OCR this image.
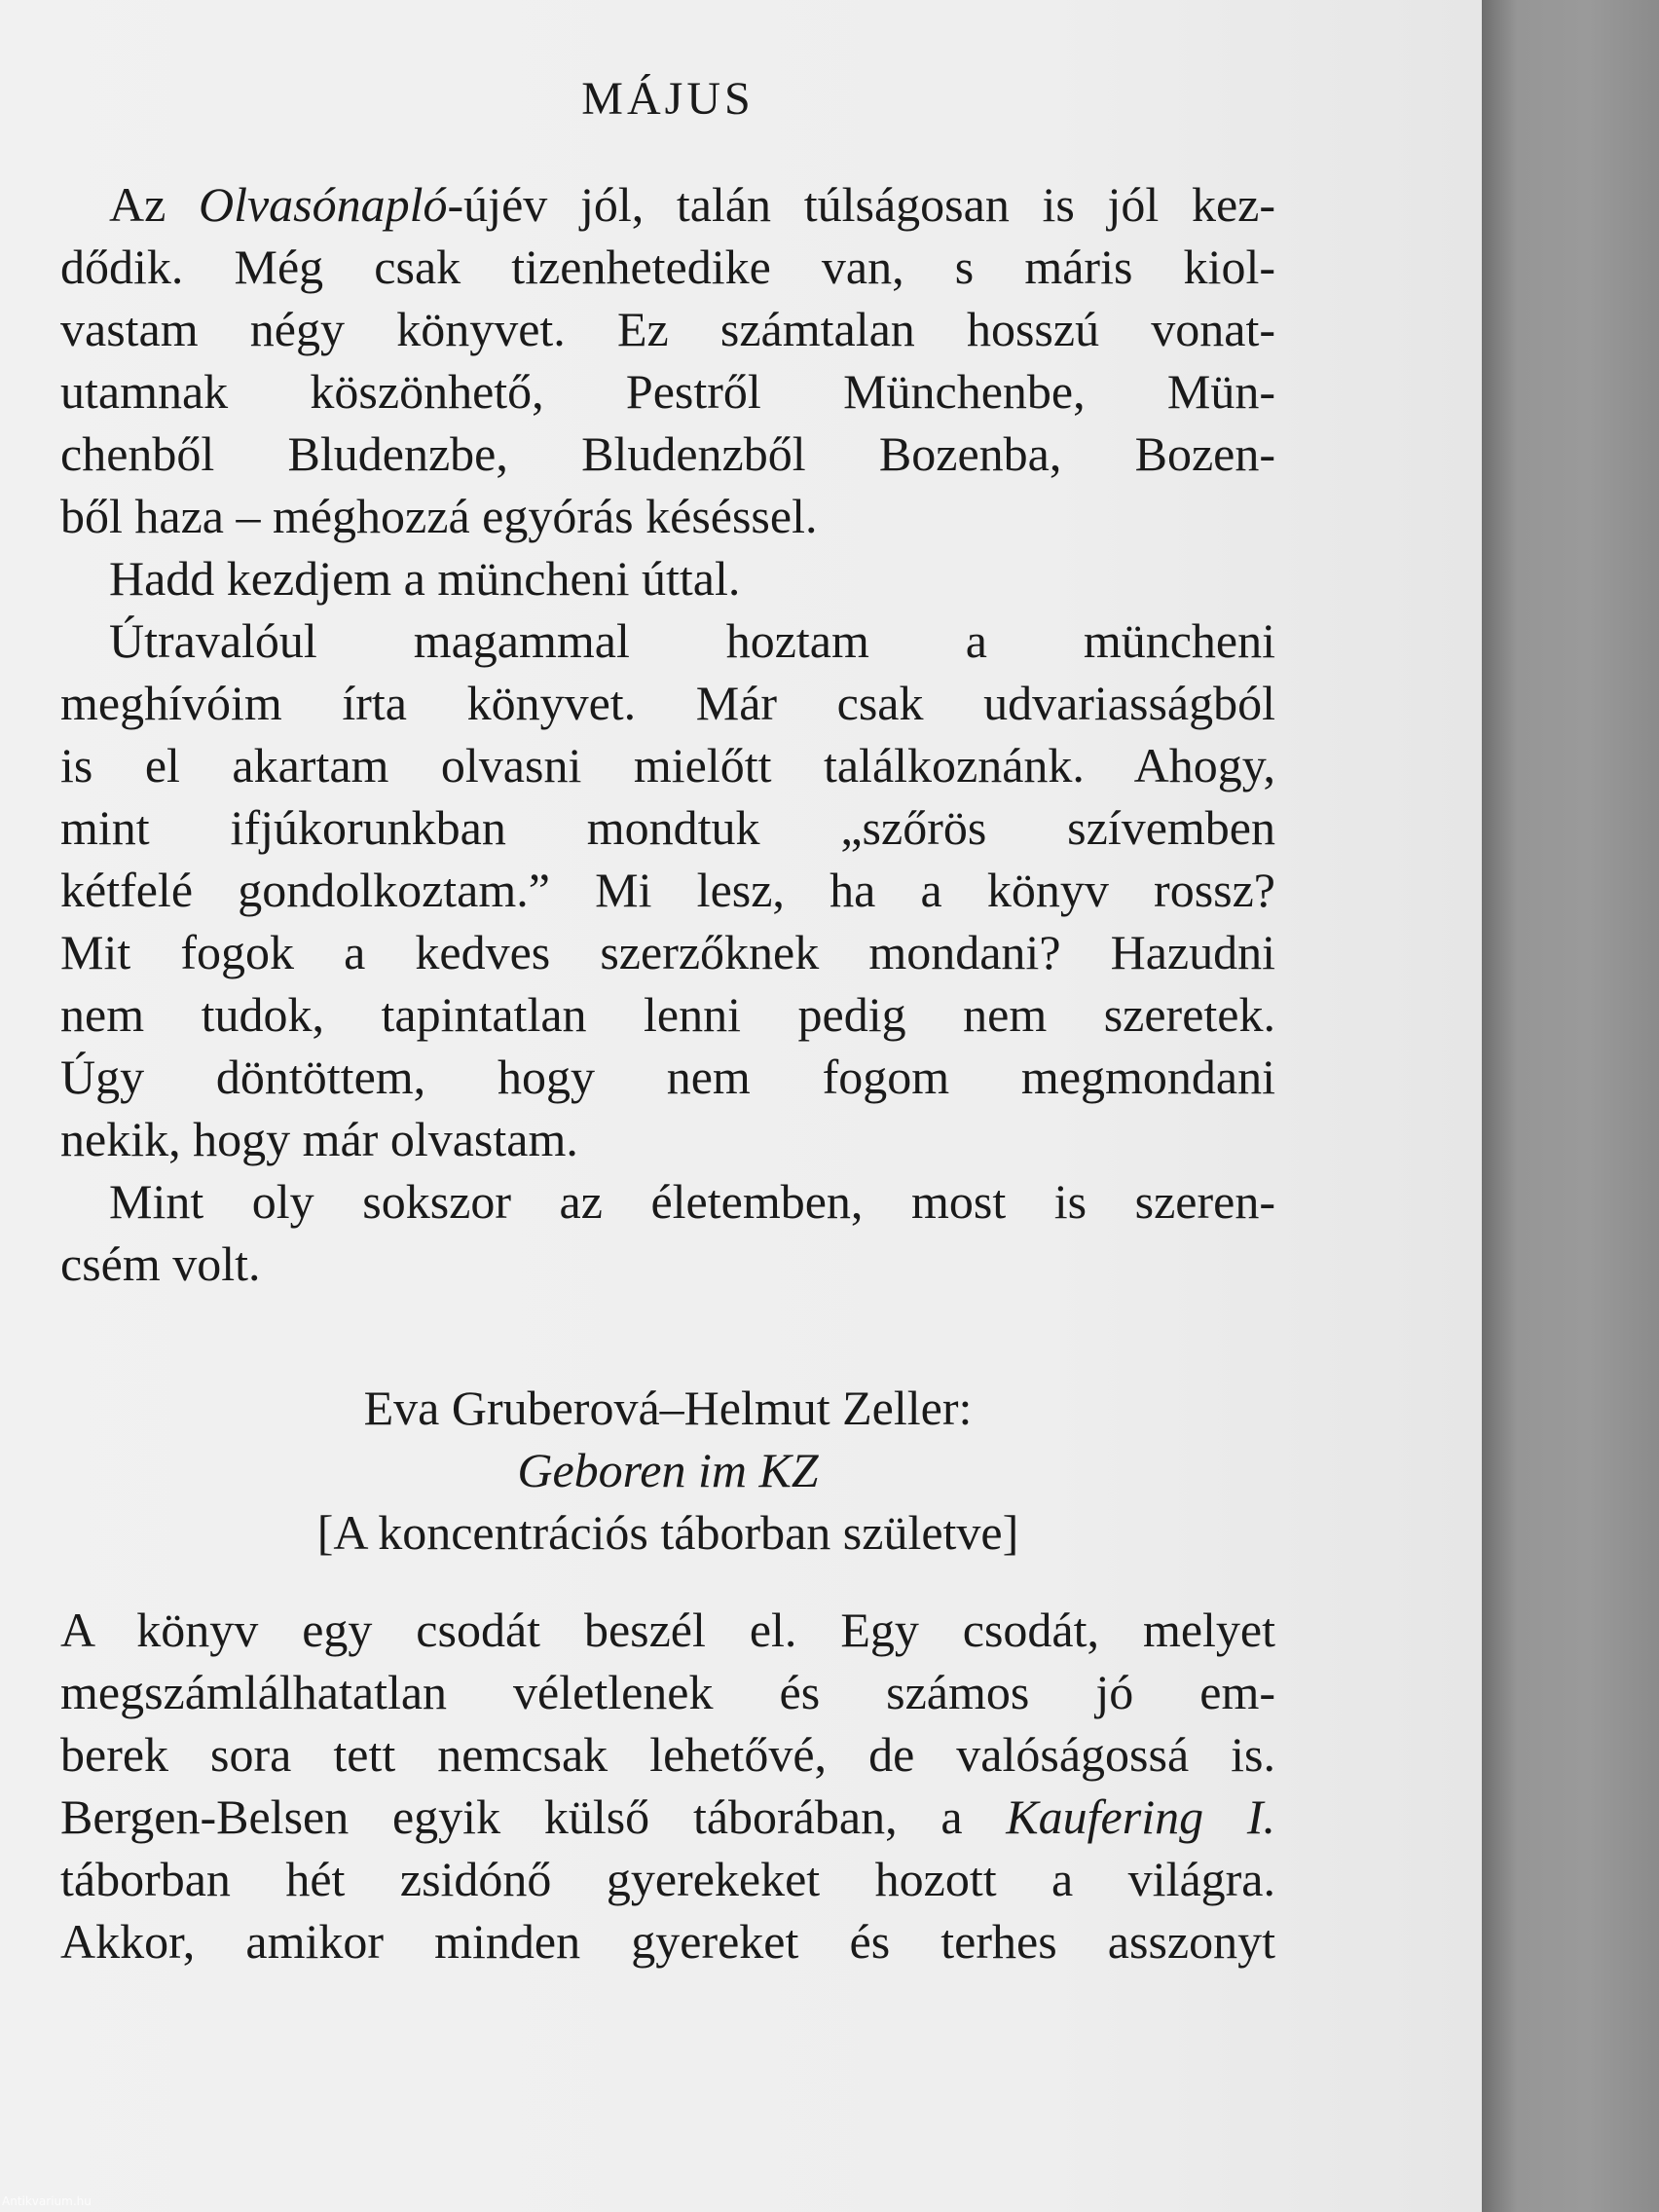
MÁJUS
Az Olvasónapló-újév jól, talán túlságosan is jól kez-
dődik. Még csak tizenhetedike van, s máris kiol-
vastam négy könyvet. Ez számtalan hosszú vonat-
utamnak köszönhető, Pestről Münchenbe, Mün-
chenből Bludenzbe, Bludenzből Bozenba, Bozen-
ből haza – méghozzá egyórás késéssel.
Hadd kezdjem a müncheni úttal.
Útravalóul magammal hoztam a müncheni
meghívóim írta könyvet. Már csak udvariasságból
is el akartam olvasni mielőtt találkoznánk. Ahogy,
mint ifjúkorunkban mondtuk „szőrös szívemben
kétfelé gondolkoztam.” Mi lesz, ha a könyv rossz?
Mit fogok a kedves szerzőknek mondani? Hazudni
nem tudok, tapintatlan lenni pedig nem szeretek.
Úgy döntöttem, hogy nem fogom megmondani
nekik, hogy már olvastam.
Mint oly sokszor az életemben, most is szeren-
csém volt.
Eva Gruberová–Helmut Zeller:
Geboren im KZ
[A koncentrációs táborban születve]
A könyv egy csodát beszél el. Egy csodát, melyet
megszámlálhatatlan véletlenek és számos jó em-
berek sora tett nemcsak lehetővé, de valóságossá is.
Bergen-Belsen egyik külső táborában, a Kaufering I.
táborban hét zsidónő gyerekeket hozott a világra.
Akkor, amikor minden gyereket és terhes asszonyt
Antikvarium.hu
